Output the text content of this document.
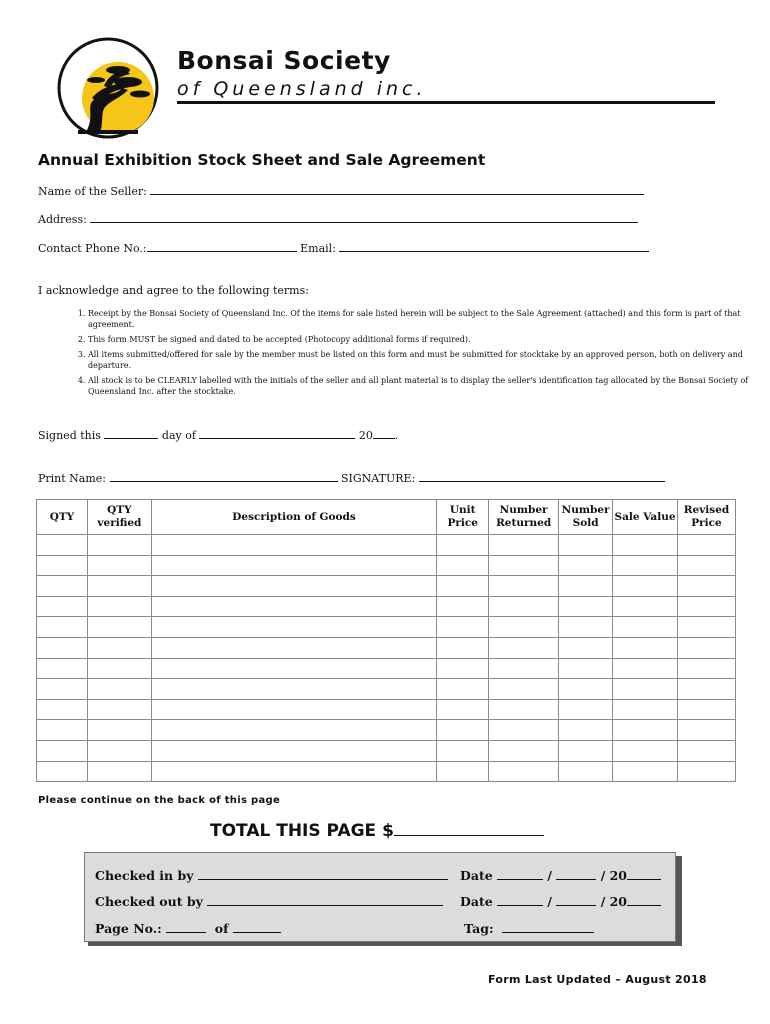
Bonsai Society
of Queensland inc.
Annual Exhibition Stock Sheet and Sale Agreement
Name of the Seller:
Address:
Contact Phone No.:	Email:
I acknowledge and agree to the following terms:
1. Receipt by the Bonsai Society of Queensland Inc. Of the items for sale listed herein will be subject to the Sale Agreement (attached) and this form is part of that agreement.
2. This form MUST be signed and dated to be accepted (Photocopy additional forms if required).
3. All items submitted/offered for sale by the member must be listed on this form and must be submitted for stocktake by an approved person, both on delivery and departure.
4. All stock is to be CLEARLY labelled with the initials of the seller and all plant material is to display the seller's identification tag allocated by the Bonsai Society of Queensland Inc. after the stocktake.
Signed this	day of	20 .
Print Name:	SIGNATURE:
QTY	QTY verified	Description of Goods	Unit Price	Number Returned	Number Sold	Sale Value	Revised Price

Please continue on the back of this page
TOTAL THIS PAGE $
Checked in by	Date	/	/ 20
Checked out by	Date	/	/ 20
Page No.:	of	Tag:
Form Last Updated – August 2018
